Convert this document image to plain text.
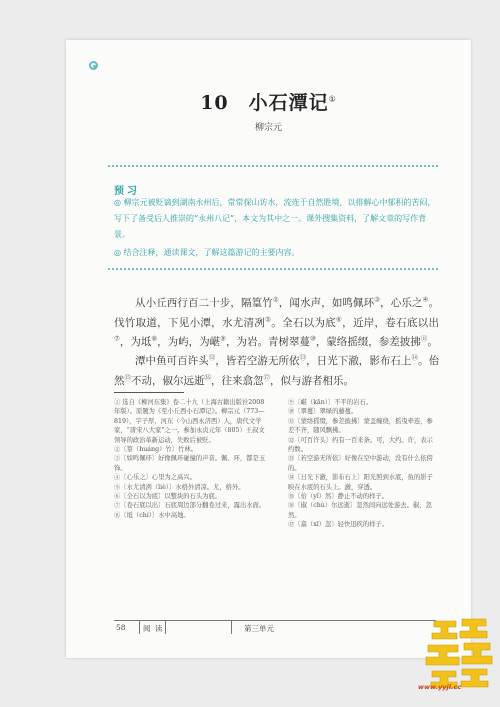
10　小石潭记①
柳宗元
预习
◎ 柳宗元被贬谪到湖南永州后，常常探山访水，流连于自然胜境，以排解心中郁积的苦闷，写下了备受后人推崇的“永州八记”，本文为其中之一。课外搜集资料，了解文章的写作背景。
◎ 结合注释，通读课文，了解这篇游记的主要内容。
从小丘西行百二十步，隔篁竹②，闻水声，如鸣佩环③，心乐之④。伐竹取道，下见小潭，水尤清冽⑤。全石以为底⑥，近岸，卷石底以出⑦，为坻⑧，为屿，为嵁⑨，为岩。青树翠蔓⑩，蒙络摇缀，参差披拂⑪。
潭中鱼可百许头⑫，皆若空游无所依⑬，日光下澈，影布石上⑭。佁然⑮不动，俶尔远逝⑯，往来翕忽⑰，似与游者相乐。
① 选自《柳河东集》卷二十九（上海古籍出版社2008年版）。原题为《至小丘西小石潭记》。柳宗元（773—819），字子厚，河东（今山西永济西）人，唐代文学家，“唐宋八大家”之一。参加永贞元年（805）王叔文领导的政治革新运动，失败后被贬。
②〔篁（huáng）竹〕竹林。
③〔如鸣佩环〕好像佩环碰撞的声音。佩、环，都是玉饰。
④〔心乐之〕心里为之高兴。
⑤〔水尤清洌（liè）〕水格外清凉。尤，格外。
⑥〔全石以为底〕以整块的石头为底。
⑦〔卷石底以出〕石底周边部分翻卷过来，露出水面。
⑧〔坻（chí）〕水中高地。
⑨〔嵁（kān）〕不平的岩石。
⑩〔翠蔓〕翠绿的藤蔓。
⑪〔蒙络摇缀，参差披拂〕蒙盖缠绕，摇曳牵连，参差不齐，随风飘拂。
⑫〔可百许头〕约有一百来条。可，大约。许，表示约数。
⑬〔若空游无所依〕好像在空中游动，没有什么依傍的。
⑭〔日光下澈，影布石上〕阳光照到水底，鱼的影子映在水底的石头上。澈，穿透。
⑮〔佁（yǐ）然〕静止不动的样子。
⑯〔俶（chù）尔远逝〕忽然间向远处游去。俶，忽然。
⑰〔翕（xī）忽〕轻快迅疾的样子。
58 阅 读	第三单元
www.yyjl.cc
